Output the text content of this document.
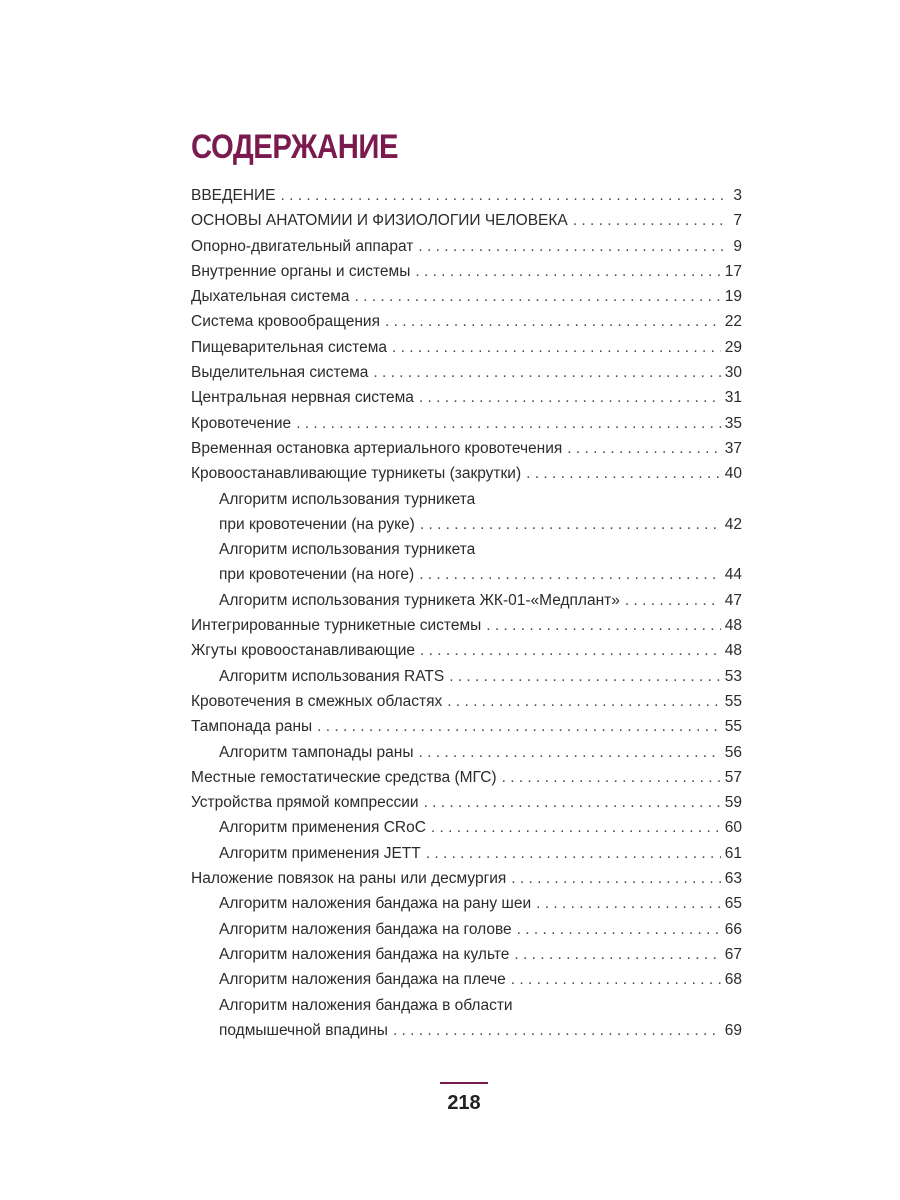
СОДЕРЖАНИЕ
ВВЕДЕНИЕ . . .	3
ОСНОВЫ АНАТОМИИ И ФИЗИОЛОГИИ ЧЕЛОВЕКА . . .	7
Опорно-двигательный аппарат . . .	9
Внутренние органы и системы . . .	17
Дыхательная система . . .	19
Система кровообращения . . .	22
Пищеварительная система . . .	29
Выделительная система . . .	30
Центральная нервная система . . .	31
Кровотечение . . .	35
Временная остановка артериального кровотечения . . .	37
Кровоостанавливающие турникеты (закрутки) . . .	40
Алгоритм использования турникета
при кровотечении (на руке) . . .	42
Алгоритм использования турникета
при кровотечении (на ноге) . . .	44
Алгоритм использования турникета ЖК-01-«Медплант» . . .	47
Интегрированные турникетные системы . . .	48
Жгуты кровоостанавливающие . . .	48
Алгоритм использования RATS . . .	53
Кровотечения в смежных областях . . .	55
Тампонада раны . . .	55
Алгоритм тампонады раны . . .	56
Местные гемостатические средства (МГС) . . .	57
Устройства прямой компрессии . . .	59
Алгоритм применения CRoC . . .	60
Алгоритм применения JETT . . .	61
Наложение повязок на раны или десмургия . . .	63
Алгоритм наложения бандажа на рану шеи . . .	65
Алгоритм наложения бандажа на голове . . .	66
Алгоритм наложения бандажа на культе . . .	67
Алгоритм наложения бандажа на плече . . .	68
Алгоритм наложения бандажа в области
подмышечной впадины . . .	69
218
